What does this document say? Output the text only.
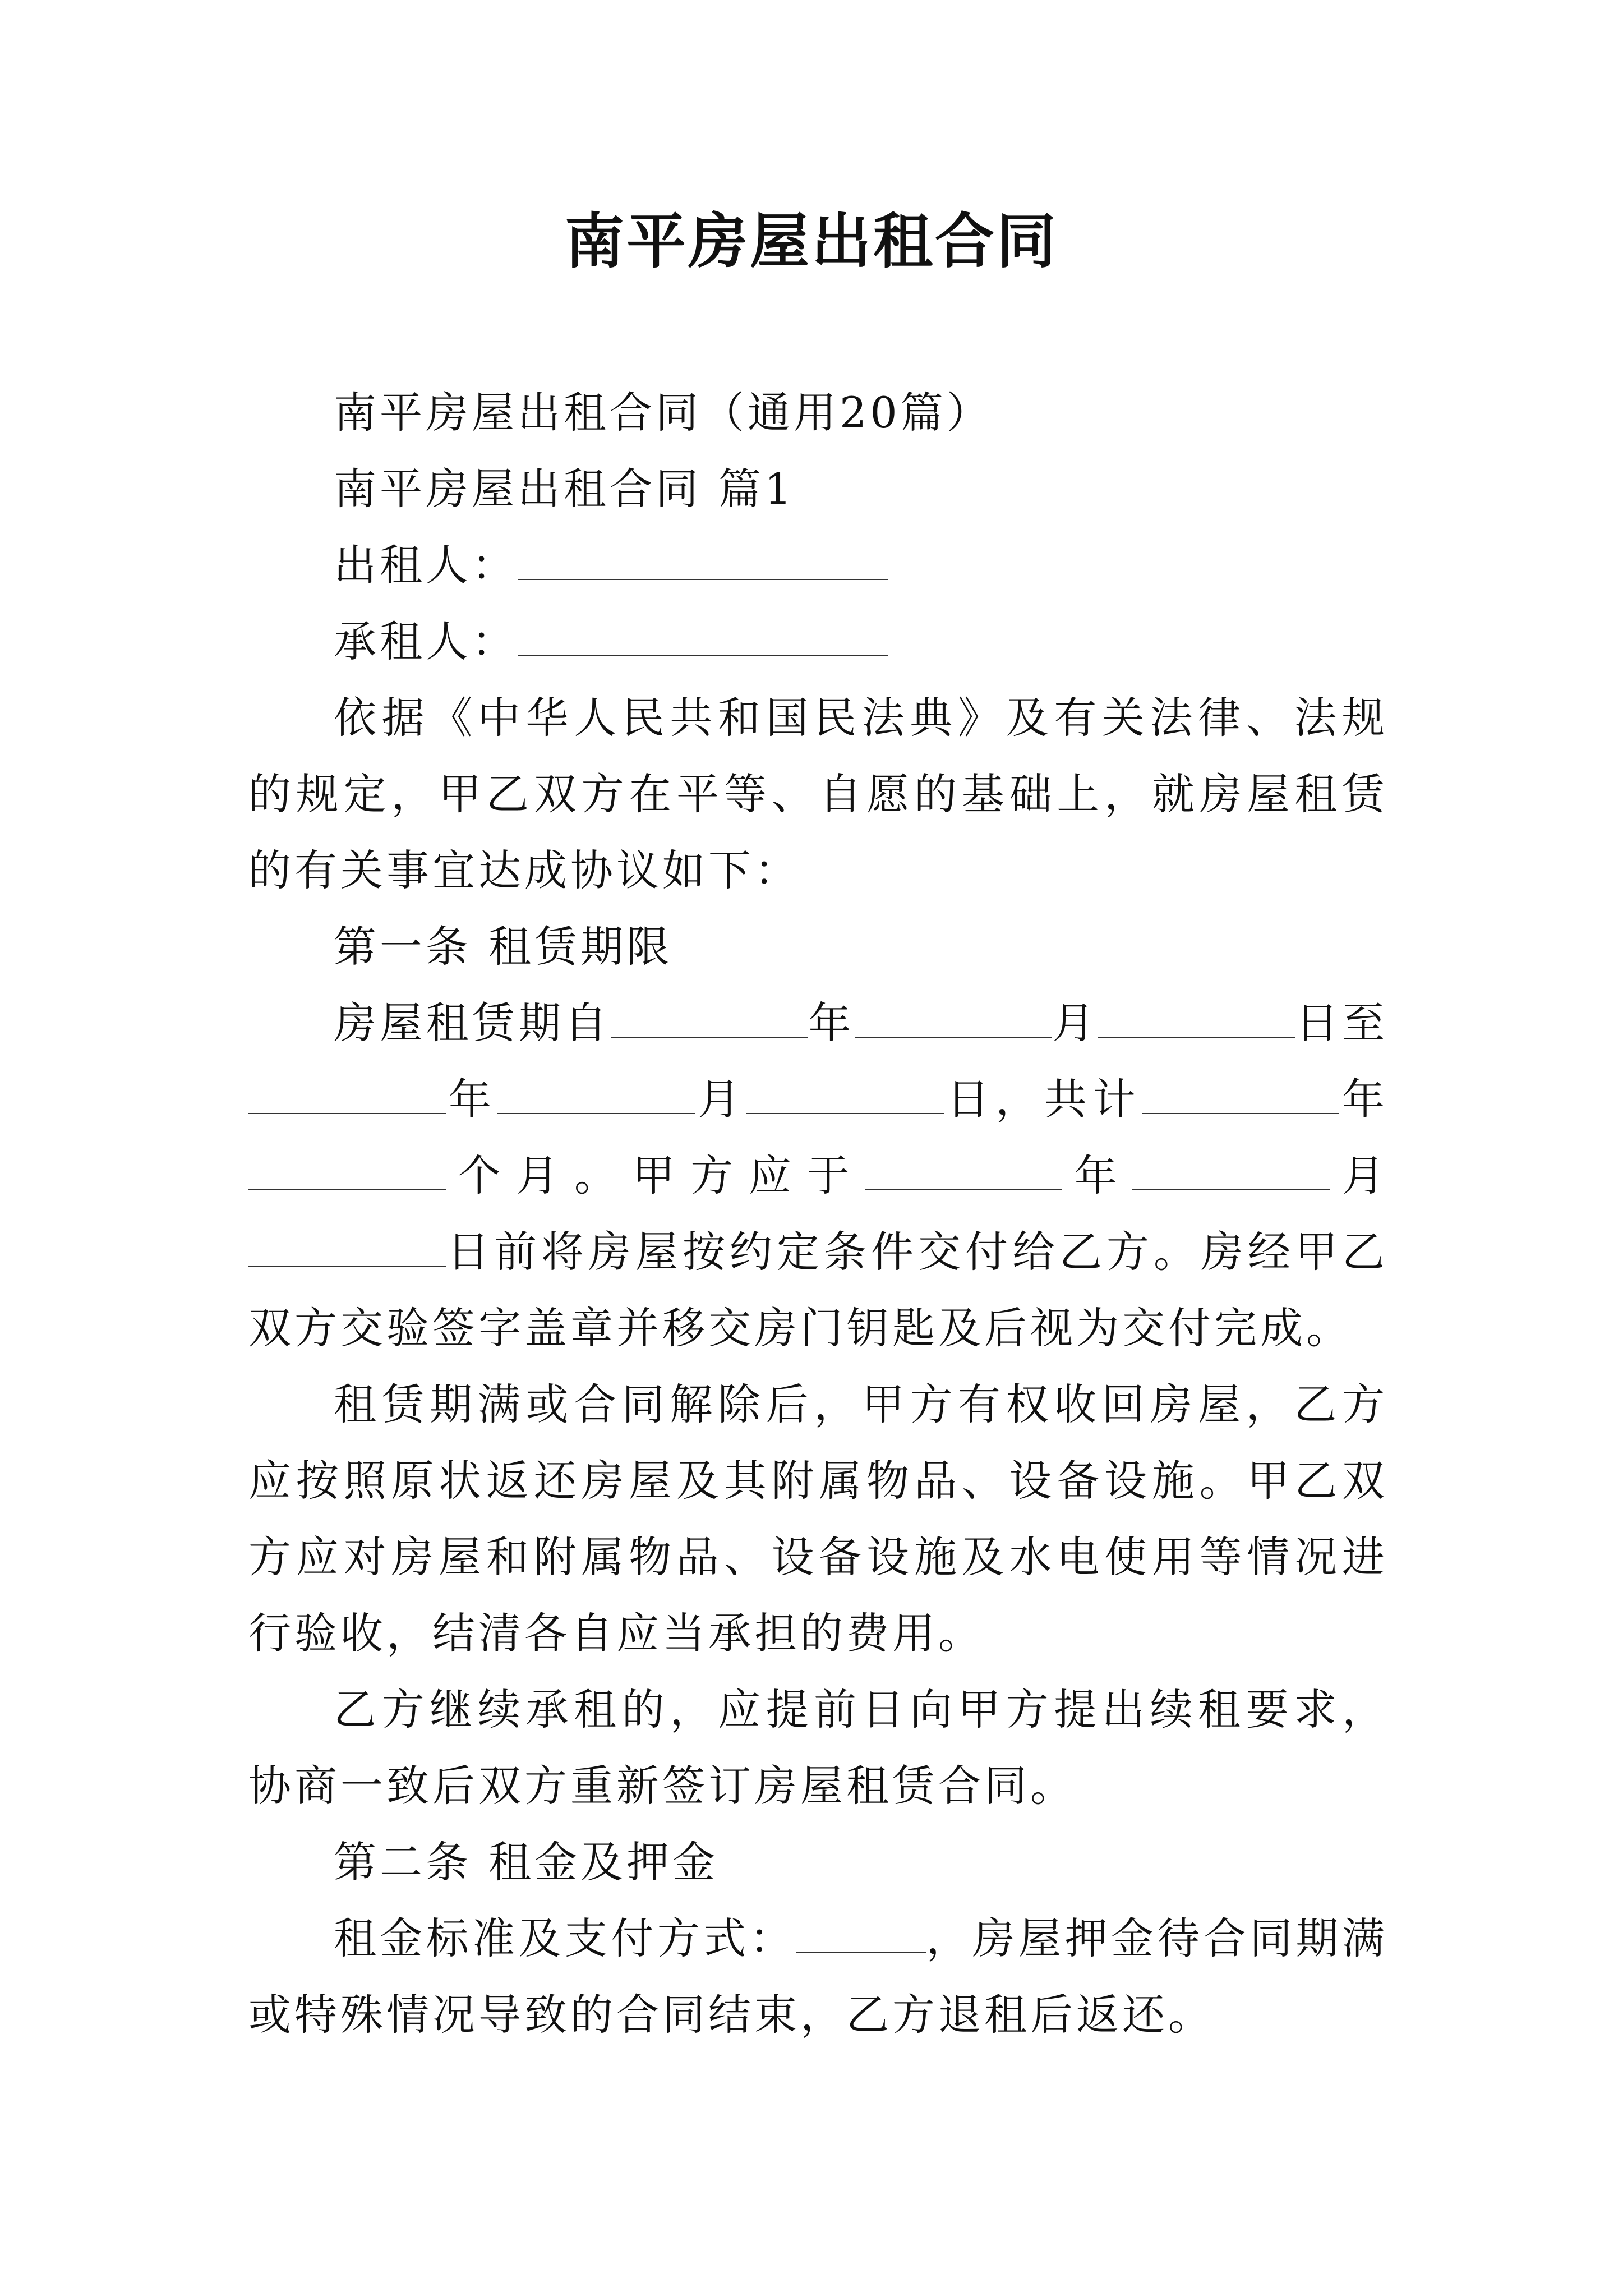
南平房屋出租合同

南平房屋出租合同（通用20篇）

南平房屋出租合同 篇1

出租人：

承租人：

依据《中华人民共和国民法典》及有关法律、法规的规定，甲乙双方在平等、自愿的基础上，就房屋租赁的有关事宜达成协议如下：

第一条 租赁期限

房屋租赁期自	年	月	日至年	月	日，共计	年个月。甲方应于	年	月日前将房屋按约定条件交付给乙方。房经甲乙双方交验签字盖章并移交房门钥匙及后视为交付完成。

租赁期满或合同解除后，甲方有权收回房屋，乙方应按照原状返还房屋及其附属物品、设备设施。甲乙双方应对房屋和附属物品、设备设施及水电使用等情况进行验收，结清各自应当承担的费用。

乙方继续承租的，应提前日向甲方提出续租要求，协商一致后双方重新签订房屋租赁合同。

第二条 租金及押金

租金标准及支付方式：	，房屋押金待合同期满或特殊情况导致的合同结束，乙方退租后返还。
